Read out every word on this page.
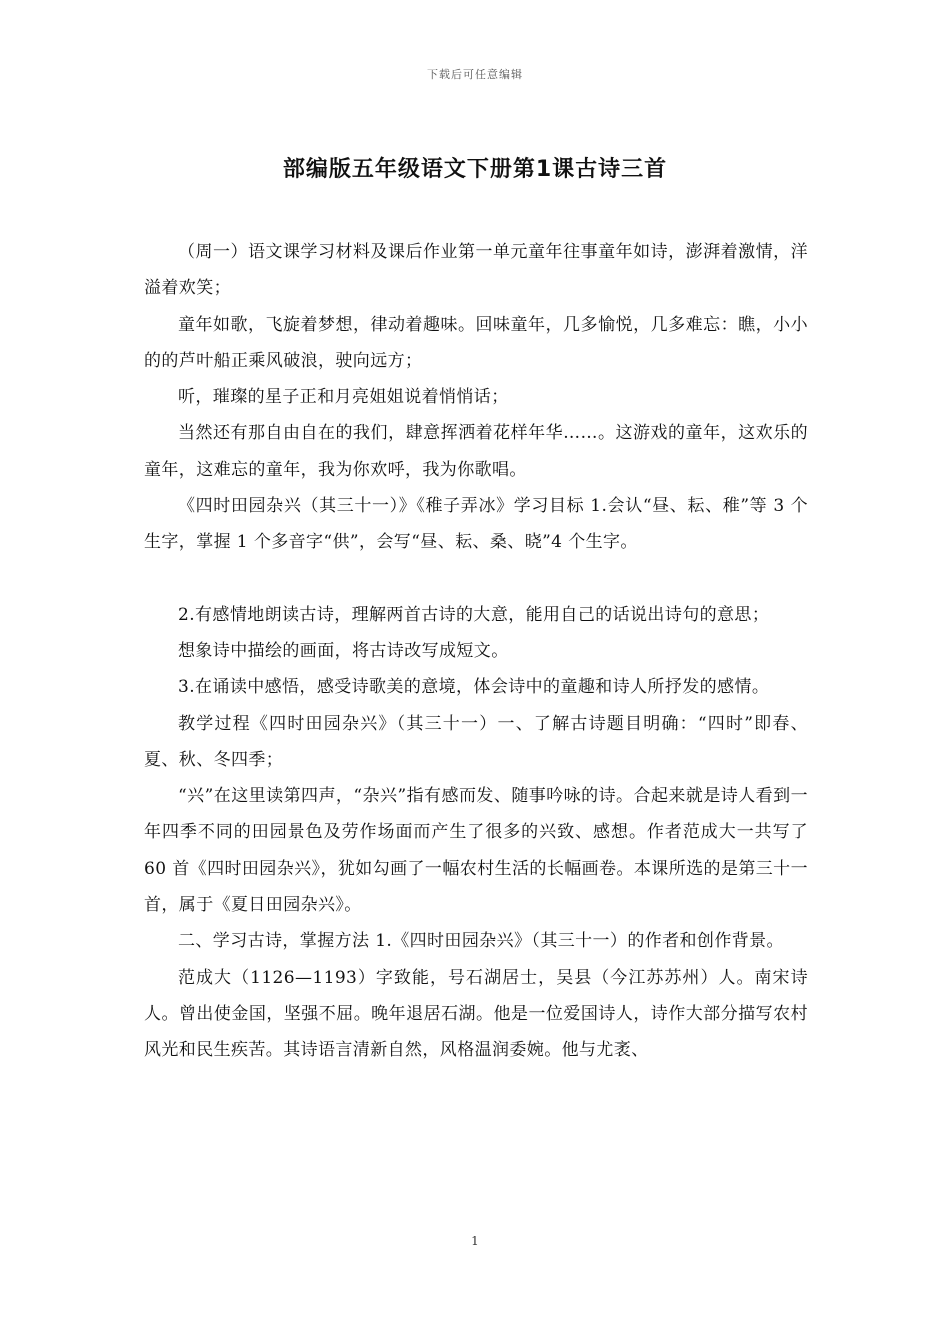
下载后可任意编辑
部编版五年级语文下册第1课古诗三首

（周一）语文课学习材料及课后作业第一单元童年往事童年如诗，澎湃着激情，洋溢着欢笑；

童年如歌，飞旋着梦想，律动着趣味。回味童年，几多愉悦，几多难忘：瞧，小小的的芦叶船正乘风破浪，驶向远方；

听，璀璨的星子正和月亮姐姐说着悄悄话；

当然还有那自由自在的我们，肆意挥洒着花样年华……。这游戏的童年，这欢乐的童年，这难忘的童年，我为你欢呼，我为你歌唱。

《四时田园杂兴（其三十一）》《稚子弄冰》学习目标 1.会认“昼、耘、稚”等 3 个生字，掌握 1 个多音字“供”，会写“昼、耘、桑、晓”4 个生字。

2.有感情地朗读古诗，理解两首古诗的大意，能用自己的话说出诗句的意思；

想象诗中描绘的画面，将古诗改写成短文。

3.在诵读中感悟，感受诗歌美的意境，体会诗中的童趣和诗人所抒发的感情。

教学过程《四时田园杂兴》（其三十一）一、了解古诗题目明确：“四时”即春、夏、秋、冬四季；

“兴”在这里读第四声，“杂兴”指有感而发、随事吟咏的诗。合起来就是诗人看到一年四季不同的田园景色及劳作场面而产生了很多的兴致、感想。作者范成大一共写了 60 首《四时田园杂兴》，犹如勾画了一幅农村生活的长幅画卷。本课所选的是第三十一首，属于《夏日田园杂兴》。

二、学习古诗，掌握方法 1.《四时田园杂兴》（其三十一）的作者和创作背景。

范成大（1126—1193）字致能，号石湖居士，吴县（今江苏苏州）人。南宋诗人。曾出使金国，坚强不屈。晚年退居石湖。他是一位爱国诗人，诗作大部分描写农村风光和民生疾苦。其诗语言清新自然，风格温润委婉。他与尤袤、

1
